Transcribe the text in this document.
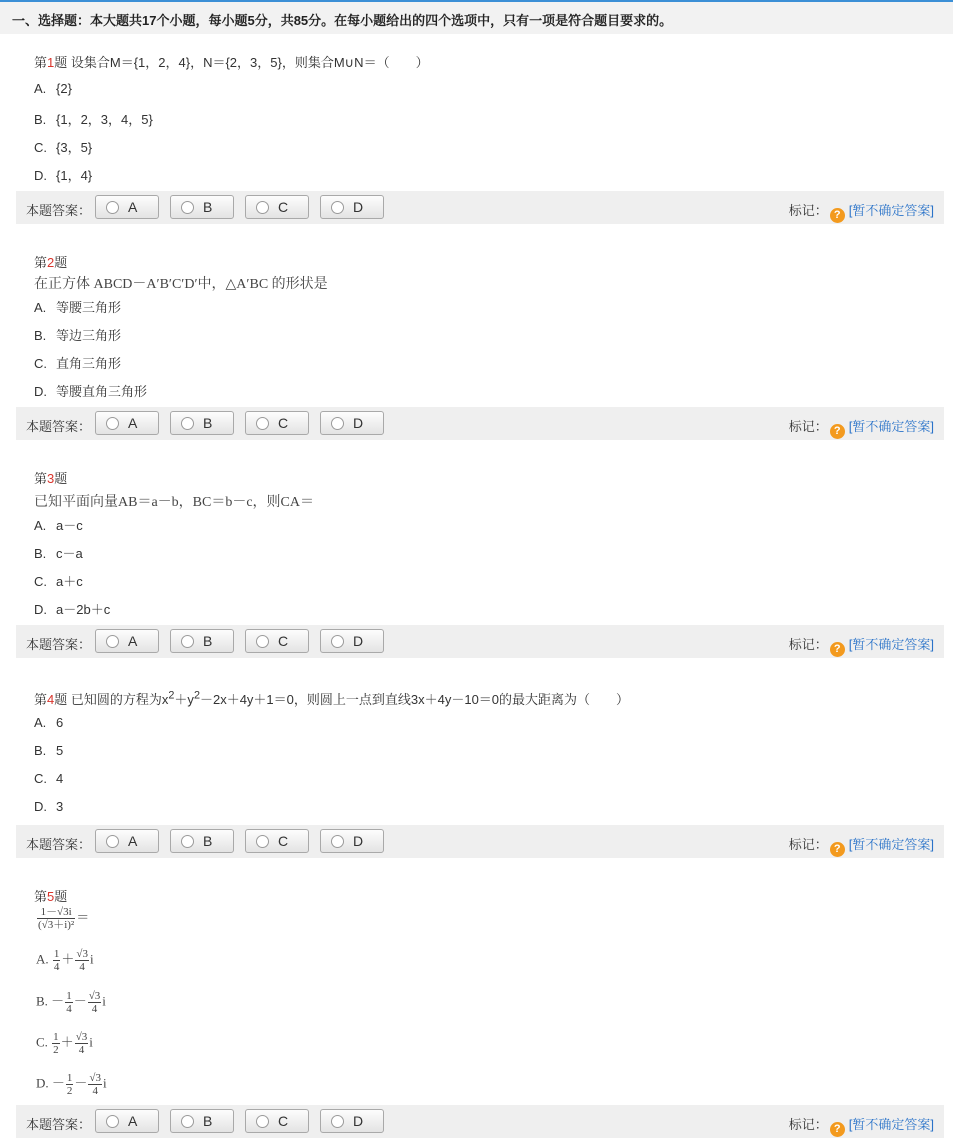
一、选择题：本大题共17个小题，每小题5分，共85分。在每小题给出的四个选项中，只有一项是符合题目要求的。
第1题 设集合M＝{1，2，4}，N＝{2，3，5}，则集合M∪N＝（　　）
A. {2}
B. {1，2，3，4，5}
C. {3，5}
D. {1，4}
本题答案：	A	B	C	D	标记： ? [暂不确定答案]
第2题
在正方体 ABCD－A′B′C′D′中，△A′BC 的形状是
A. 等腰三角形
B. 等边三角形
C. 直角三角形
D. 等腰直角三角形
本题答案：	A	B	C	D	标记： ? [暂不确定答案]
第3题
已知平面向量AB＝a－b，BC＝b－c，则CA＝
A. a－c
B. c－a
C. a＋c
D. a－2b＋c
本题答案：	A	B	C	D	标记： ? [暂不确定答案]
第4题 已知圆的方程为$x^2+y^2-2x+4y+1=0$，则圆上一点到直线3x＋4y－10＝0的最大距离为（　　）
A. 6
B. 5
C. 4
D. 3
本题答案：	A	B	C	D	标记： ? [暂不确定答案]
第5题
$\frac{1-√3i}{\text{(√3＋i)²}}$ ＝
A. $\frac{1}{4} + \frac{√3}{4}$ i
B. － $\frac{1}{4} - \frac{√3}{4}$ i
C. $\frac{1}{2} + \frac{√3}{4}$ i
D. － $\frac{1}{2} - \frac{√3}{4}$ i
本题答案：	A	B	C	D	标记： ? [暂不确定答案]
